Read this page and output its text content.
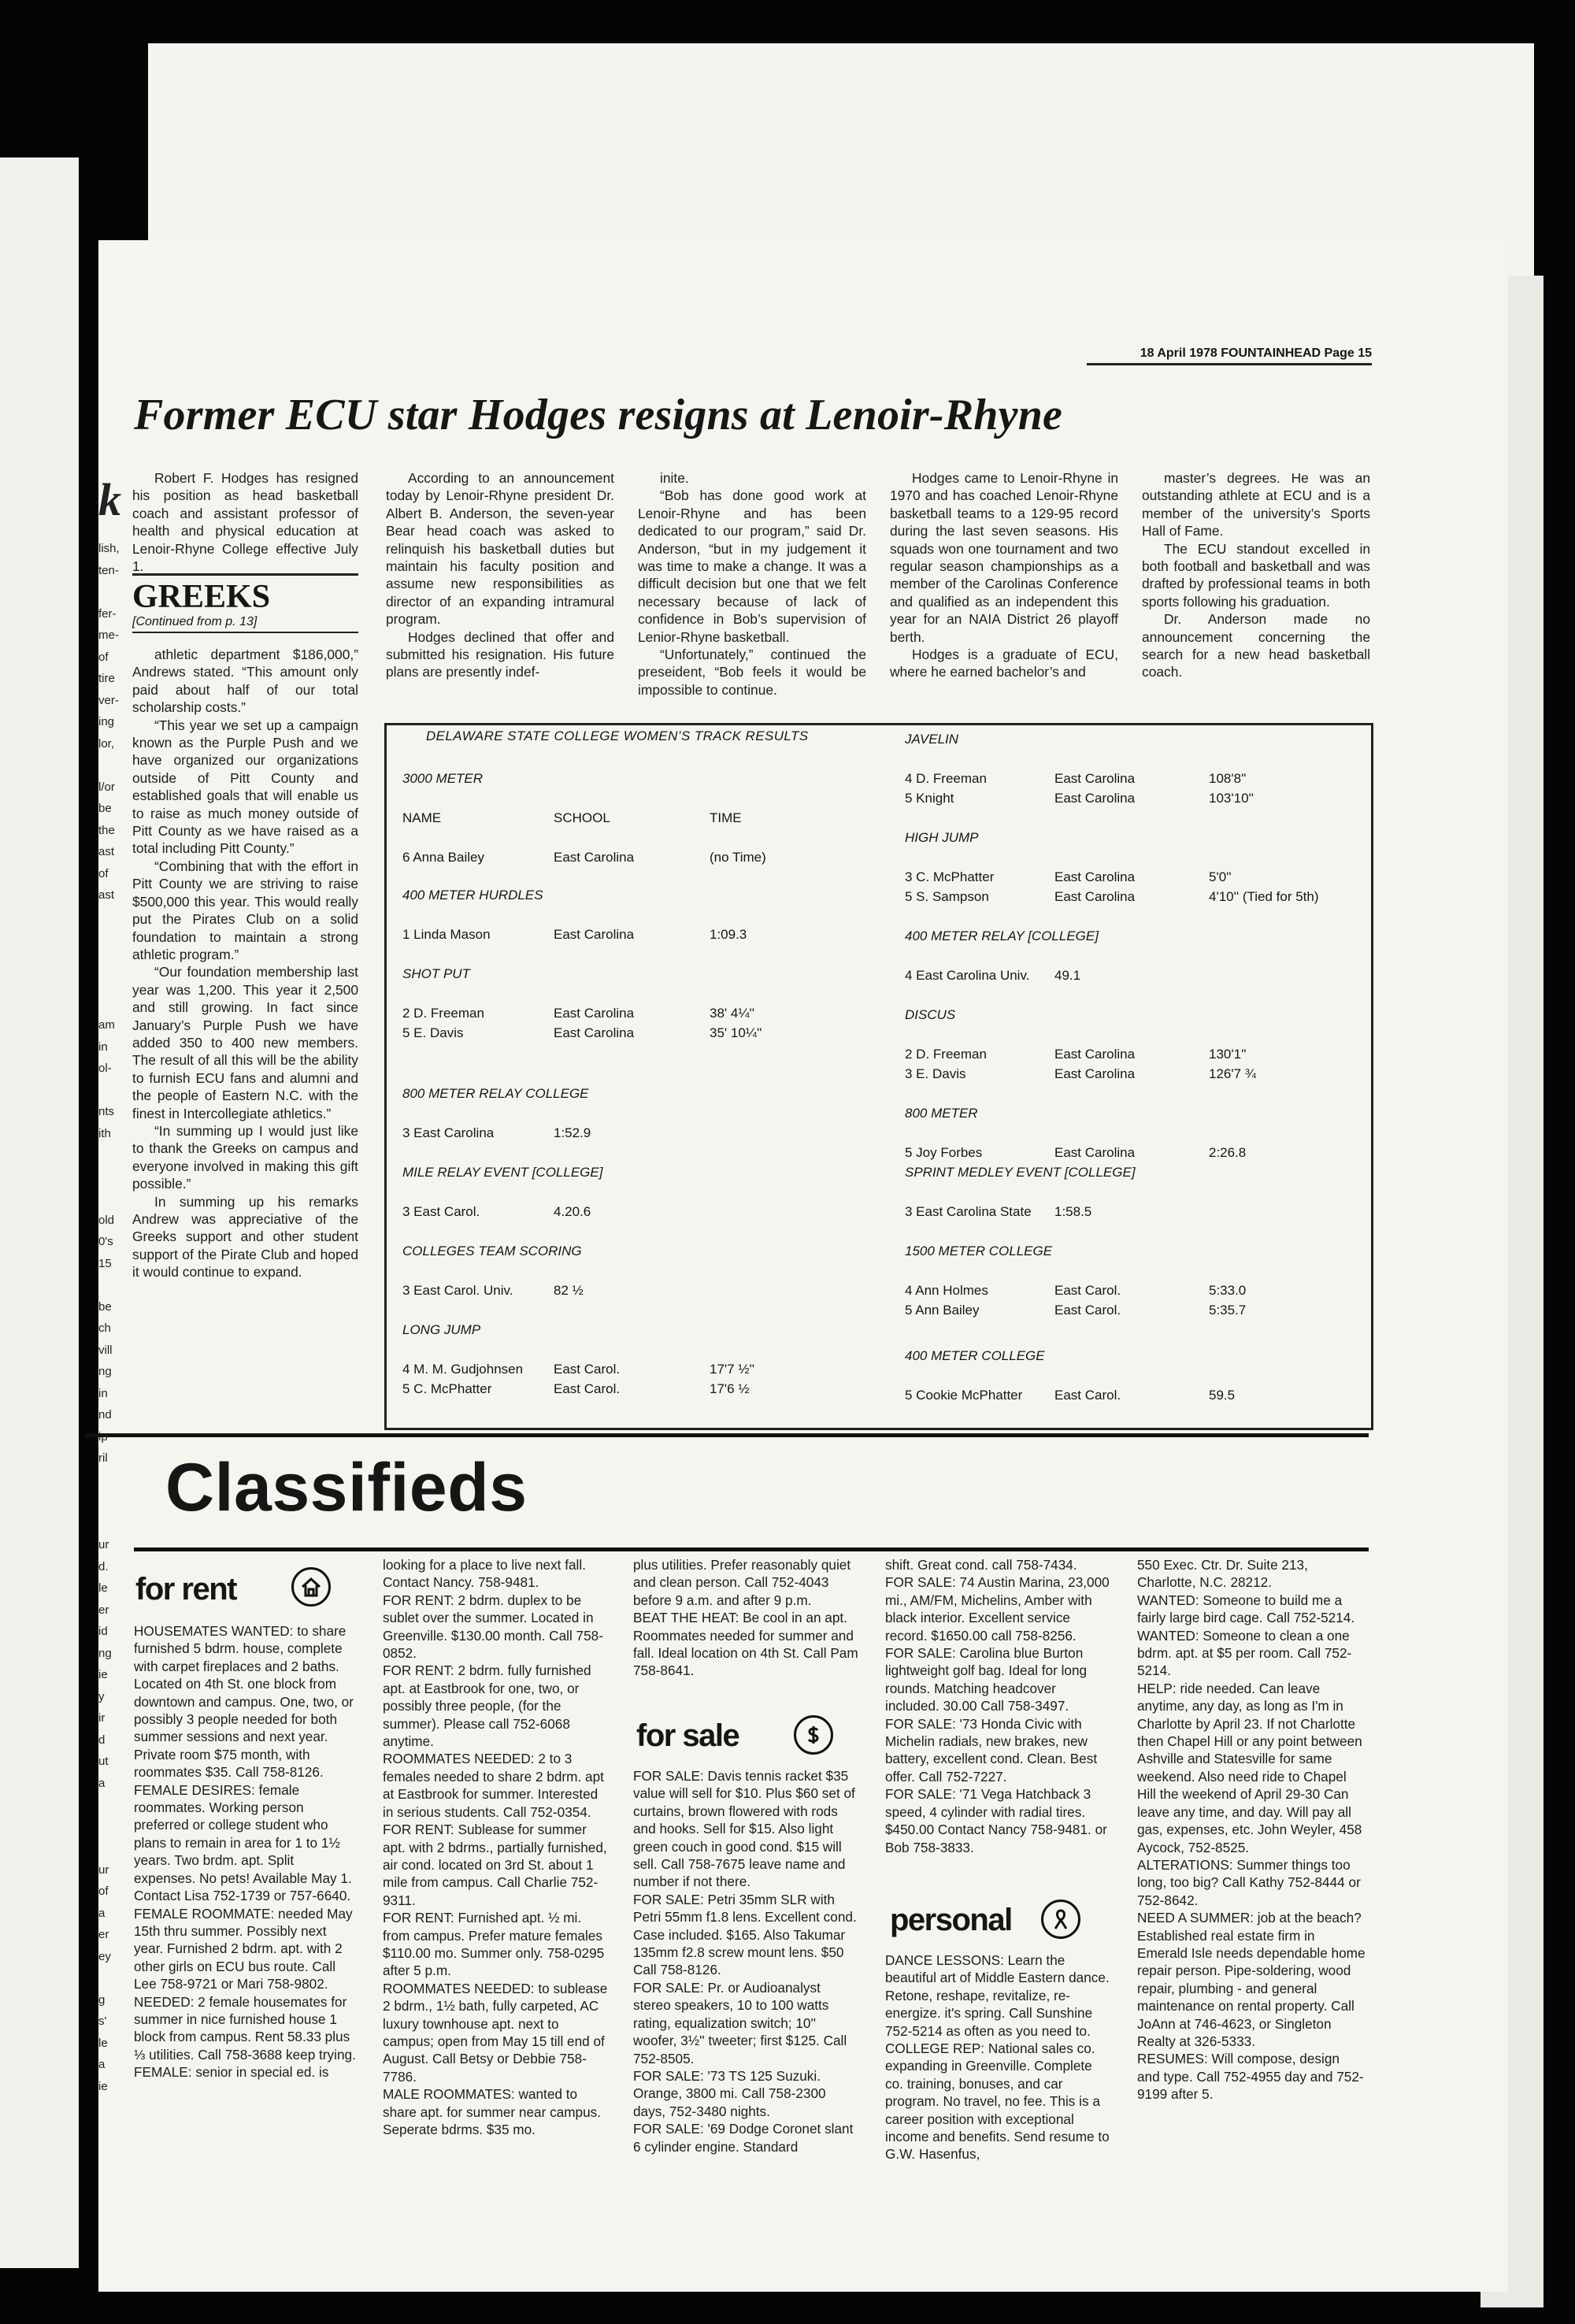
k
lish,
ten-
fer-
me-
of
tire
ver-
ing
lor,
l/or
be
the
ast
of
ast
am
in
ol-
nts
ith
old
0's
15
be
ch
vill
ng
in
nd
ril
ur
d.
le
er
id
ng
ie
y
ir
d
ut
a
ur
of
a
er
ey
g
s'
le
a
ie
18 April 1978 FOUNTAINHEAD Page 15
Former ECU star Hodges resigns at Lenoir-Rhyne

Robert F. Hodges has resigned his position as head basketball coach and assistant professor of health and physical education at Lenoir-Rhyne College effective July 1.

According to an announcement today by Lenoir-Rhyne president Dr. Albert B. Anderson, the seven-year Bear head coach was asked to relinquish his basketball duties but maintain his faculty position and assume new responsibilities as director of an expanding intramural program.

Hodges declined that offer and submitted his resignation. His future plans are presently indef-

inite.

“Bob has done good work at Lenoir-Rhyne and has been dedicated to our program,” said Dr. Anderson, “but in my judgement it was time to make a change. It was a difficult decision but one that we felt necessary because of lack of confidence in Bob’s supervision of Lenior-Rhyne basketball.

“Unfortunately,” continued the preseident, “Bob feels it would be impossible to continue.

Hodges came to Lenoir-Rhyne in 1970 and has coached Lenoir-Rhyne basketball teams to a 129-95 record during the last seven seasons. His squads won one tournament and two regular season championships as a member of the Carolinas Conference and qualified as an independent this year for an NAIA District 26 playoff berth.

Hodges is a graduate of ECU, where he earned bachelor’s and

master’s degrees. He was an outstanding athlete at ECU and is a member of the university’s Sports Hall of Fame.

The ECU standout excelled in both football and basketball and was drafted by professional teams in both sports following his graduation.

Dr. Anderson made no announcement concerning the search for a new head basketball coach.

GREEKS
[Continued from p. 13]

athletic department $186,000,” Andrews stated. “This amount only paid about half of our total scholarship costs.”

“This year we set up a campaign known as the Purple Push and we have organized our organizations outside of Pitt County and established goals that will enable us to raise as much money outside of Pitt County as we have raised as a total including Pitt County.”

“Combining that with the effort in Pitt County we are striving to raise $500,000 this year. This would really put the Pirates Club on a solid foundation to maintain a strong athletic program.”

“Our foundation membership last year was 1,200. This year it 2,500 and still growing. In fact since January’s Purple Push we have added 350 to 400 new members. The result of all this will be the ability to furnish ECU fans and alumni and the people of Eastern N.C. with the finest in Intercollegiate athletics.”

“In summing up I would just like to thank the Greeks on campus and everyone involved in making this gift possible.”

In summing up his remarks Andrew was appreciative of the Greeks support and other student support of the Pirate Club and hoped it would continue to expand.

DELAWARE STATE COLLEGE WOMEN’S TRACK RESULTS
3000 METER
NAME	SCHOOL	TIME
6 Anna Bailey	East Carolina	(no Time)
400 METER HURDLES
1 Linda Mason	East Carolina	1:09.3
SHOT PUT
2 D. Freeman	East Carolina	38' 4¼''
5 E. Davis	East Carolina	35' 10¼''
800 METER RELAY COLLEGE
3 East Carolina	1:52.9
MILE RELAY EVENT [COLLEGE]
3 East Carol.	4.20.6
COLLEGES TEAM SCORING
3 East Carol. Univ.	82 ½
LONG JUMP
4 M. M. Gudjohnsen East Carol.	17'7 ½''
5 C. McPhatter	East Carol.	17'6 ½
JAVELIN
4 D. Freeman	East Carolina	108'8''
5 Knight	East Carolina	103'10''
HIGH JUMP
3 C. McPhatter	East Carolina	5'0''
5 S. Sampson	East Carolina	4'10'' (Tied for 5th)
400 METER RELAY [COLLEGE]
4 East Carolina Univ. 49.1
DISCUS
2 D. Freeman	East Carolina	130'1''
3 E. Davis	East Carolina	126'7 ¾
800 METER
5 Joy Forbes	East Carolina	2:26.8
SPRINT MEDLEY EVENT [COLLEGE]
3 East Carolina State 1:58.5
1500 METER COLLEGE
4 Ann Holmes	East Carol.	5:33.0
5 Ann Bailey	East Carol.	5:35.7
400 METER COLLEGE
5 Cookie McPhatter East Carol.	59.5
Classifieds
for rent
for sale
personal

HOUSEMATES WANTED: to share furnished 5 bdrm. house, complete with carpet fireplaces and 2 baths. Located on 4th St. one block from downtown and campus. One, two, or possibly 3 people needed for both summer sessions and next year. Private room $75 month, with roommates $35. Call 758-8126.

FEMALE DESIRES: female roommates. Working person preferred or college student who plans to remain in area for 1 to 1½ years. Two brdm. apt. Split expenses. No pets! Available May 1. Contact Lisa 752-1739 or 757-6640.

FEMALE ROOMMATE: needed May 15th thru summer. Possibly next year. Furnished 2 bdrm. apt. with 2 other girls on ECU bus route. Call Lee 758-9721 or Mari 758-9802.

NEEDED: 2 female housemates for summer in nice furnished house 1 block from campus. Rent 58.33 plus ⅓ utilities. Call 758-3688 keep trying.

FEMALE: senior in special ed. is

looking for a place to live next fall. Contact Nancy. 758-9481.

FOR RENT: 2 bdrm. duplex to be sublet over the summer. Located in Greenville. $130.00 month. Call 758-0852.

FOR RENT: 2 bdrm. fully furnished apt. at Eastbrook for one, two, or possibly three people, (for the summer). Please call 752-6068 anytime.

ROOMMATES NEEDED: 2 to 3 females needed to share 2 bdrm. apt at Eastbrook for summer. Interested in serious students. Call 752-0354.

FOR RENT: Sublease for summer apt. with 2 bdrms., partially furnished, air cond. located on 3rd St. about 1 mile from campus. Call Charlie 752-9311.

FOR RENT: Furnished apt. ½ mi. from campus. Prefer mature females $110.00 mo. Summer only. 758-0295 after 5 p.m.

ROOMMATES NEEDED: to sublease 2 bdrm., 1½ bath, fully carpeted, AC luxury townhouse apt. next to campus; open from May 15 till end of August. Call Betsy or Debbie 758-7786.

MALE ROOMMATES: wanted to share apt. for summer near campus. Seperate bdrms. $35 mo.

plus utilities. Prefer reasonably quiet and clean person. Call 752-4043 before 9 a.m. and after 9 p.m.

BEAT THE HEAT: Be cool in an apt. Roommates needed for summer and fall. Ideal location on 4th St. Call Pam 758-8641.

FOR SALE: Davis tennis racket $35 value will sell for $10. Plus $60 set of curtains, brown flowered with rods and hooks. Sell for $15. Also light green couch in good cond. $15 will sell. Call 758-7675 leave name and number if not there.

FOR SALE: Petri 35mm SLR with Petri 55mm f1.8 lens. Excellent cond. Case included. $165. Also Takumar 135mm f2.8 screw mount lens. $50 Call 758-8126.

FOR SALE: Pr. or Audioanalyst stereo speakers, 10 to 100 watts rating, equalization switch; 10'' woofer, 3½'' tweeter; first $125. Call 752-8505.

FOR SALE: '73 TS 125 Suzuki. Orange, 3800 mi. Call 758-2300 days, 752-3480 nights.

FOR SALE: '69 Dodge Coronet slant 6 cylinder engine. Standard

shift. Great cond. call 758-7434.

FOR SALE: 74 Austin Marina, 23,000 mi., AM/FM, Michelins, Amber with black interior. Excellent service record. $1650.00 call 758-8256.

FOR SALE: Carolina blue Burton lightweight golf bag. Ideal for long rounds. Matching headcover included. 30.00 Call 758-3497.

FOR SALE: '73 Honda Civic with Michelin radials, new brakes, new battery, excellent cond. Clean. Best offer. Call 752-7227.

FOR SALE: '71 Vega Hatchback 3 speed, 4 cylinder with radial tires. $450.00 Contact Nancy 758-9481. or Bob 758-3833.

DANCE LESSONS: Learn the beautiful art of Middle Eastern dance. Retone, reshape, revitalize, re-energize. it's spring. Call Sunshine 752-5214 as often as you need to.

COLLEGE REP: National sales co. expanding in Greenville. Complete co. training, bonuses, and car program. No travel, no fee. This is a career position with exceptional income and benefits. Send resume to G.W. Hasenfus,

550 Exec. Ctr. Dr. Suite 213, Charlotte, N.C. 28212.

WANTED: Someone to build me a fairly large bird cage. Call 752-5214.

WANTED: Someone to clean a one bdrm. apt. at $5 per room. Call 752-5214.

HELP: ride needed. Can leave anytime, any day, as long as I'm in Charlotte by April 23. If not Charlotte then Chapel Hill or any point between Ashville and Statesville for same weekend. Also need ride to Chapel Hill the weekend of April 29-30 Can leave any time, and day. Will pay all gas, expenses, etc. John Weyler, 458 Aycock, 752-8525.

ALTERATIONS: Summer things too long, too big? Call Kathy 752-8444 or 752-8642.

NEED A SUMMER: job at the beach? Established real estate firm in Emerald Isle needs dependable home repair person. Pipe-soldering, wood repair, plumbing - and general maintenance on rental property. Call JoAnn at 746-4623, or Singleton Realty at 326-5333.

RESUMES: Will compose, design and type. Call 752-4955 day and 752-9199 after 5.
